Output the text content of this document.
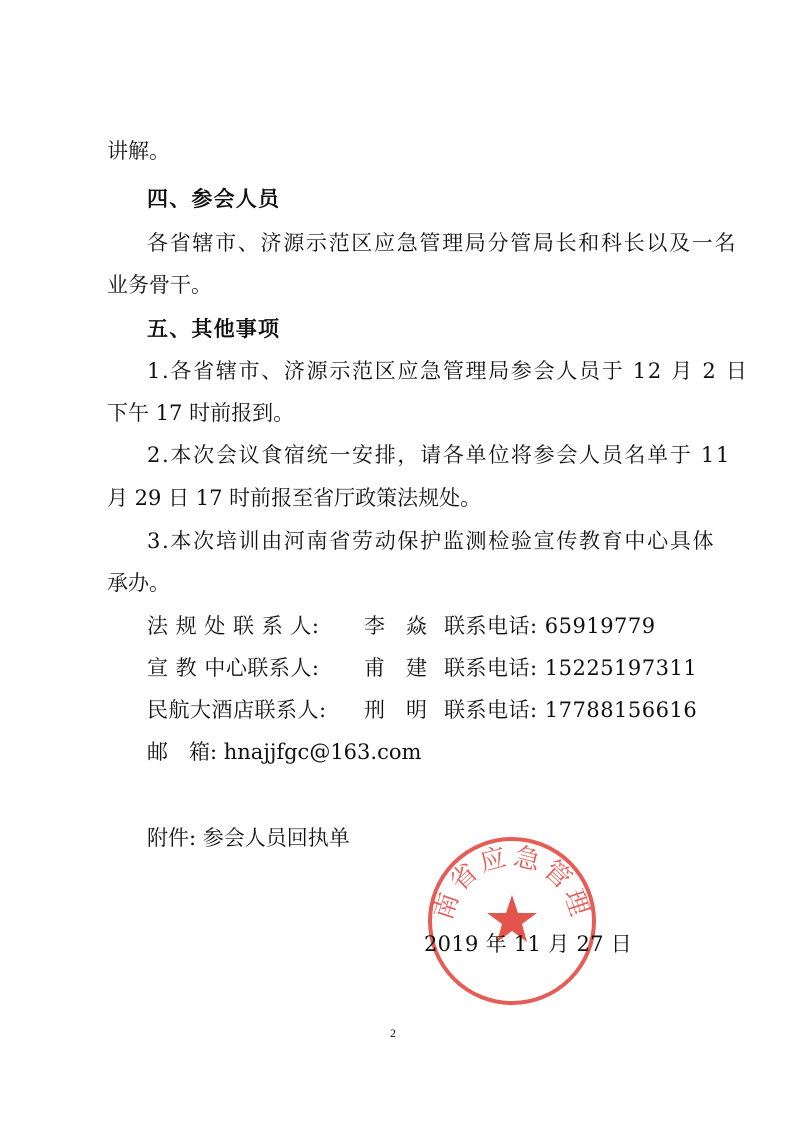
讲解。
四、参会人员
各省辖市、济源示范区应急管理局分管局长和科长以及一名
业务骨干。
五、其他事项
1.各省辖市、济源示范区应急管理局参会人员于 12 月 2 日
下午 17 时前报到。
2.本次会议食宿统一安排，请各单位将参会人员名单于 11
月 29 日 17 时前报至省厅政策法规处。
3.本次培训由河南省劳动保护监测检验宣传教育中心具体
承办。
法 规 处 联 系 人: 李　焱 联系电话: 65919779
宣 教 中心联系人: 甫　建 联系电话: 15225197311
民航大酒店联系人: 刑　明 联系电话: 17788156616
邮　箱: hnajjfgc@163.com
附件: 参会人员回执单
南省应急管理
2019 年 11 月 27 日
2
